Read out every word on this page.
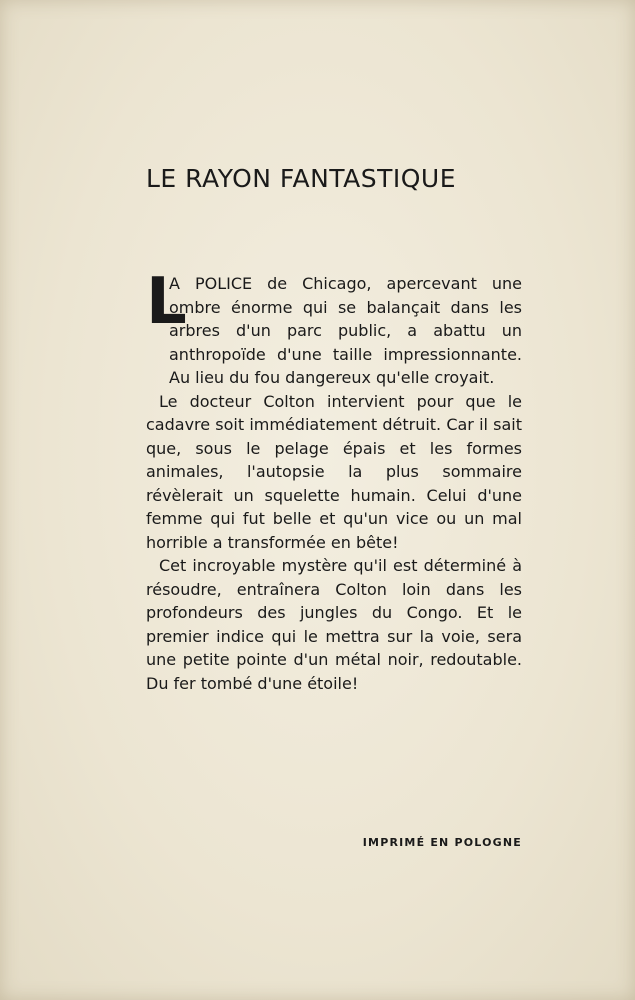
LE RAYON FANTASTIQUE
L

A POLICE de Chicago, apercevant une ombre énorme qui se balançait dans les arbres d'un parc public, a abattu un anthropoïde d'une taille impressionnante. Au lieu du fou dangereux qu'elle croyait.

Le docteur Colton intervient pour que le cadavre soit immédiatement détruit. Car il sait que, sous le pelage épais et les formes animales, l'autopsie la plus sommaire révèlerait un squelette humain. Celui d'une femme qui fut belle et qu'un vice ou un mal horrible a transformée en bête!

Cet incroyable mystère qu'il est déterminé à résoudre, entraînera Colton loin dans les profondeurs des jungles du Congo. Et le premier indice qui le mettra sur la voie, sera une petite pointe d'un métal noir, redoutable. Du fer tombé d'une étoile!

IMPRIMÉ EN POLOGNE
